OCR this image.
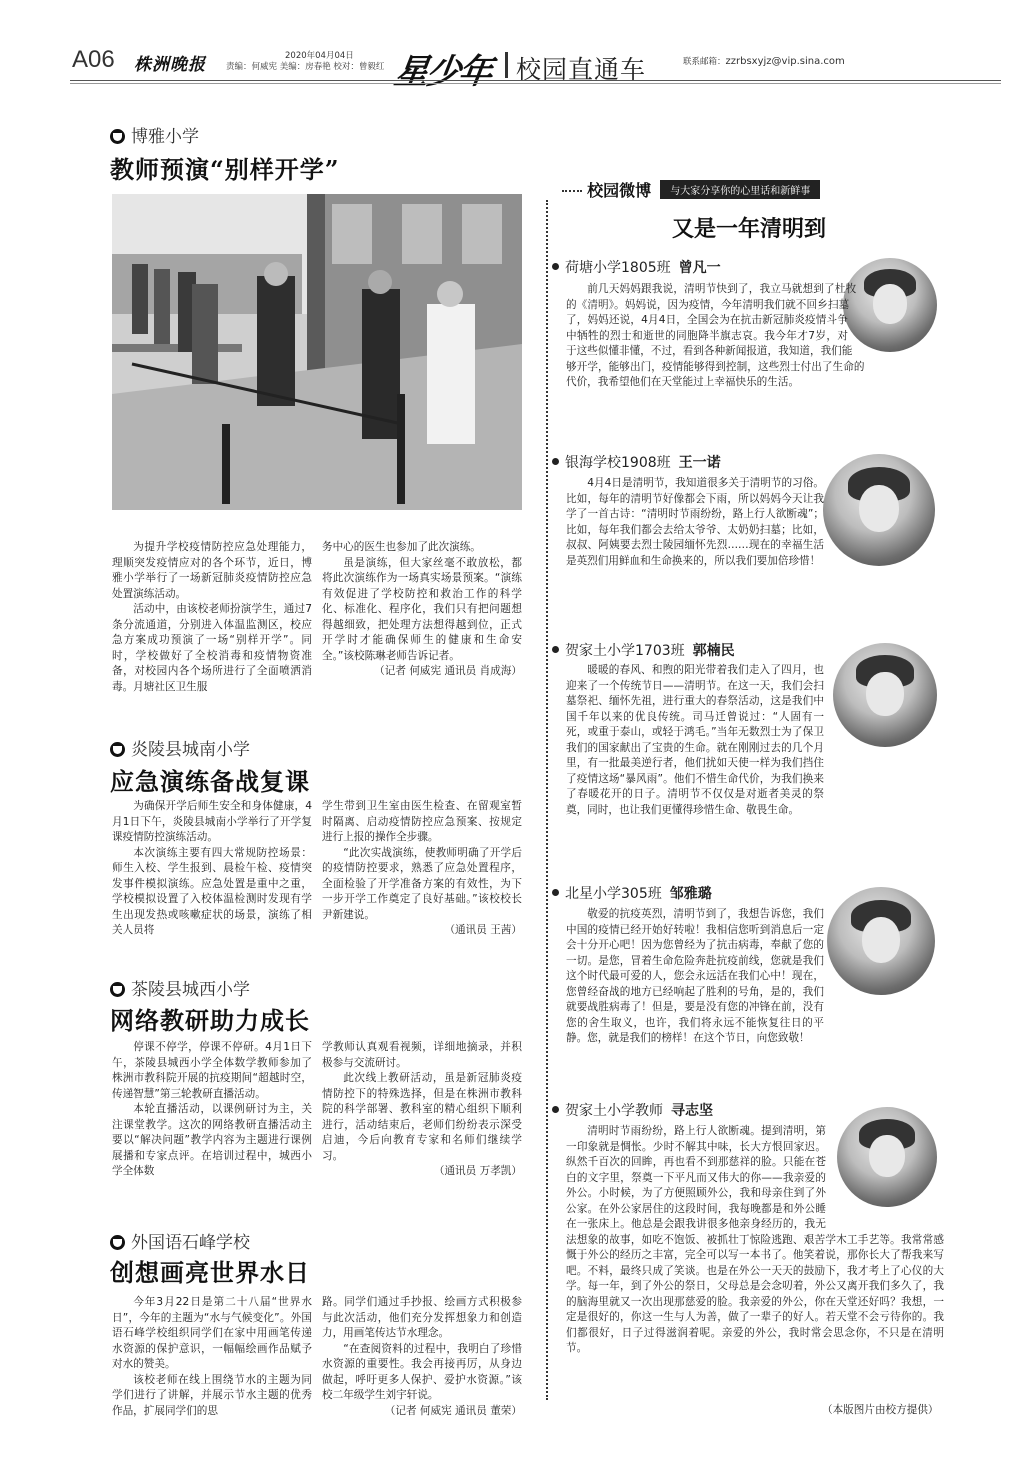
A06 株洲晚报	2020年04月04日
责编：何威宪 美编：房春艳 校对：曾毅红 星少年 校园直通车	联系邮箱：zzrbsxyjz@vip.sina.com
博雅小学
教师预演“别样开学”

为提升学校疫情防控应急处理能力，理顺突发疫情应对的各个环节，近日，博雅小学举行了一场新冠肺炎疫情防控应急处置演练活动。

活动中，由该校老师扮演学生，通过7条分流通道，分别进入体温监测区，校应急方案成功预演了一场“别样开学”。同时，学校做好了全校消毒和疫情物资准备，对校园内各个场所进行了全面喷洒消毒。月塘社区卫生服

务中心的医生也参加了此次演练。

虽是演练，但大家丝毫不敢放松，都将此次演练作为一场真实场景预案。“演练有效促进了学校防控和救治工作的科学化、标准化、程序化，我们只有把问题想得越细致，把处理方法想得越到位，正式开学时才能确保师生的健康和生命安全。”该校陈琳老师告诉记者。

（记者 何威宪 通讯员 肖成海）
炎陵县城南小学
应急演练备战复课

为确保开学后师生安全和身体健康，4月1日下午，炎陵县城南小学举行了开学复课疫情防控演练活动。

本次演练主要有四大常规防控场景：师生入校、学生报到、晨检午检、疫情突发事件模拟演练。应急处置是重中之重，学校模拟设置了入校体温检测时发现有学生出现发热或咳嗽症状的场景，演练了相关人员将

学生带到卫生室由医生检查、在留观室暂时隔离、启动疫情防控应急预案、按规定进行上报的操作全步骤。

“此次实战演练，使教师明确了开学后的疫情防控要求，熟悉了应急处置程序，全面检验了开学准备方案的有效性，为下一步开学工作奠定了良好基础。”该校校长尹新建说。

（通讯员 王茜）
茶陵县城西小学
网络教研助力成长

停课不停学，停课不停研。4月1日下午，茶陵县城西小学全体数学教师参加了株洲市教科院开展的抗疫期间“超越时空，传递智慧”第三轮教研直播活动。

本轮直播活动，以课例研讨为主，关注课堂教学。这次的网络教研直播活动主要以“解决问题”教学内容为主题进行课例展播和专家点评。在培训过程中，城西小学全体数

学教师认真观看视频，详细地摘录，并积极参与交流研讨。

此次线上教研活动，虽是新冠肺炎疫情防控下的特殊选择，但是在株洲市教科院的科学部署、教科室的精心组织下顺利进行，活动结束后，老师们纷纷表示深受启迪，今后向教育专家和名师们继续学习。

（通讯员 万孝凯）
外国语石峰学校
创想画亮世界水日

今年3月22日是第二十八届“世界水日”，今年的主题为“水与气候变化”。外国语石峰学校组织同学们在家中用画笔传递水资源的保护意识，一幅幅绘画作品赋予对水的赞美。

该校老师在线上围绕节水的主题为同学们进行了讲解，并展示节水主题的优秀作品，扩展同学们的思

路。同学们通过手抄报、绘画方式积极参与此次活动，他们充分发挥想象力和创造力，用画笔传达节水理念。

“在查阅资料的过程中，我明白了珍惜水资源的重要性。我会再接再厉，从身边做起，呼吁更多人保护、爱护水资源。”该校二年级学生刘宇轩说。

（记者 何威宪 通讯员 董荣）
校园微博 与大家分享你的心里话和新鲜事
又是一年清明到
荷塘小学1805班 曾凡一

前几天妈妈跟我说，清明节快到了，我立马就想到了杜牧的《清明》。妈妈说，因为疫情，今年清明我们就不回乡扫墓了，妈妈还说，4月4日，全国会为在抗击新冠肺炎疫情斗争中牺牲的烈士和逝世的同胞降半旗志哀。我今年才7岁，对于这些似懂非懂，不过，看到各种新闻报道，我知道，我们能够开学，能够出门，疫情能够得到控制，这些烈士付出了生命的代价，我希望他们在天堂能过上幸福快乐的生活。

银海学校1908班 王一诺

4月4日是清明节，我知道很多关于清明节的习俗。比如，每年的清明节好像都会下雨，所以妈妈今天让我学了一首古诗：“清明时节雨纷纷，路上行人欲断魂”；比如，每年我们都会去给太爷爷、太奶奶扫墓；比如，叔叔、阿姨要去烈士陵园缅怀先烈……现在的幸福生活是英烈们用鲜血和生命换来的，所以我们要加倍珍惜！

贺家土小学1703班 郭楠民

暖暖的春风、和煦的阳光带着我们走入了四月，也迎来了一个传统节日——清明节。在这一天，我们会扫墓祭祀、缅怀先祖，进行重大的春祭活动，这是我们中国千年以来的优良传统。司马迁曾说过：“人固有一死，或重于泰山，或轻于鸿毛。”当年无数烈士为了保卫我们的国家献出了宝贵的生命。就在刚刚过去的几个月里，有一批最美逆行者，他们扰如天使一样为我们挡住了疫情这场“暴风雨”。他们不惜生命代价，为我们换来了春暖花开的日子。清明节不仅仅是对逝者美灵的祭奠，同时，也让我们更懂得珍惜生命、敬畏生命。

北星小学305班 邹雅璐

敬爱的抗疫英烈，清明节到了，我想告诉您，我们中国的疫情已经开始好转啦！我相信您听到消息后一定会十分开心吧！因为您曾经为了抗击病毒，奉献了您的一切。是您，冒着生命危险奔赴抗疫前线，您就是我们这个时代最可爱的人，您会永远活在我们心中！现在，您曾经奋战的地方已经响起了胜利的号角，是的，我们就要战胜病毒了！但是，要是没有您的冲锋在前，没有您的舍生取义，也许，我们将永远不能恢复往日的平静。您，就是我们的榜样！在这个节日，向您致敬！

贺家土小学教师 寻志坚

清明时节雨纷纷，路上行人欲断魂。提到清明，第一印象就是惆怅。少时不解其中味，长大方恨回家迟。纵然千百次的回眸，再也看不到那慈祥的脸。只能在苍白的文字里，祭奠一下平凡而又伟大的你——我亲爱的外公。小时候，为了方便照顾外公，我和母亲住到了外公家。在外公家居住的这段时间，我每晚都是和外公睡在一张床上。他总是会跟我讲很多他亲身经历的，我无法想象的故事，如吃不饱饭、被抓壮丁惊险逃跑、艰苦学木工手艺等。我常常感慨于外公的经历之丰富，完全可以写一本书了。他笑着说，那你长大了帮我来写吧。不料，最终只成了笑谈。也是在外公一天天的鼓励下，我才考上了心仪的大学。每一年，到了外公的祭日，父母总是会念叨着，外公又离开我们多久了，我的脑海里就又一次出现那慈爱的脸。我亲爱的外公，你在天堂还好吗？我想，一定是很好的，你这一生与人为善，做了一辈子的好人。若天堂不会亏待你的。我们都很好，日子过得滋润着呢。亲爱的外公，我时常会思念你，不只是在清明节。

（本版图片由校方提供）
